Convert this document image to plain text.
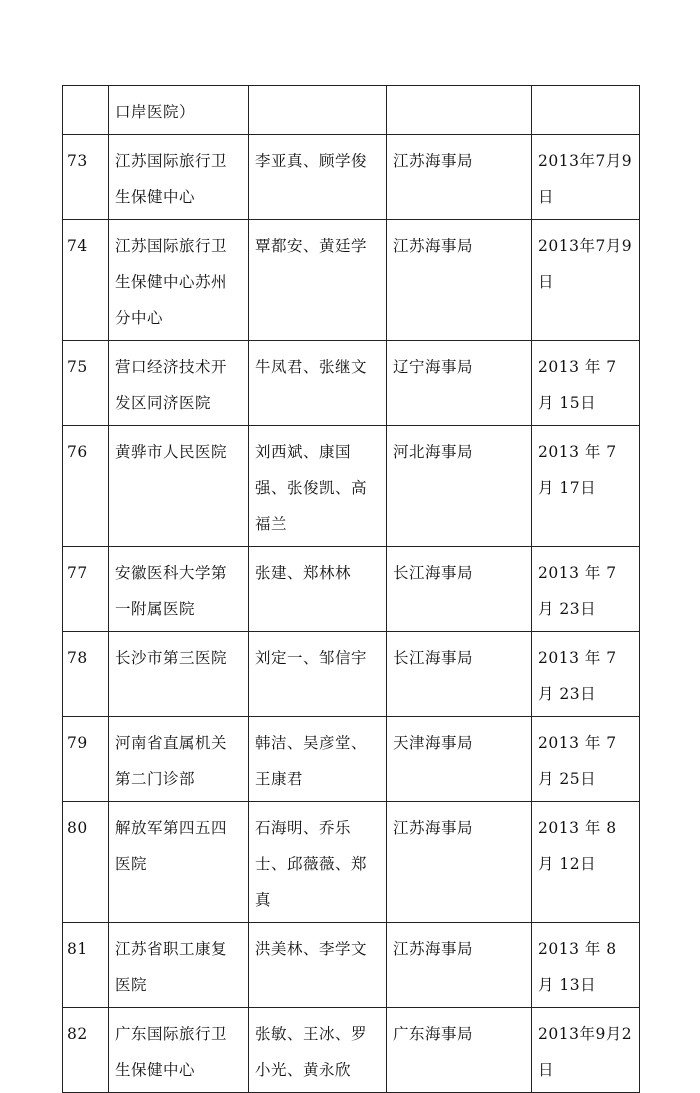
	口岸医院）			
73	江苏国际旅行卫生保健中心	李亚真、顾学俊	江苏海事局	2013年7月9日
74	江苏国际旅行卫生保健中心苏州分中心	覃都安、黄廷学	江苏海事局	2013年7月9日
75	营口经济技术开发区同济医院	牛凤君、张继文	辽宁海事局	2013 年 7 月 15日
76	黄骅市人民医院	刘西斌、康国强、张俊凯、高福兰	河北海事局	2013 年 7 月 17日
77	安徽医科大学第一附属医院	张建、郑林林	长江海事局	2013 年 7 月 23日
78	长沙市第三医院	刘定一、邹信宇	长江海事局	2013 年 7 月 23日
79	河南省直属机关第二门诊部	韩洁、吴彦堂、王康君	天津海事局	2013 年 7 月 25日
80	解放军第四五四医院	石海明、乔乐士、邱薇薇、郑真	江苏海事局	2013 年 8 月 12日
81	江苏省职工康复医院	洪美林、李学文	江苏海事局	2013 年 8 月 13日
82	广东国际旅行卫生保健中心	张敏、王冰、罗小光、黄永欣	广东海事局	2013年9月2日
